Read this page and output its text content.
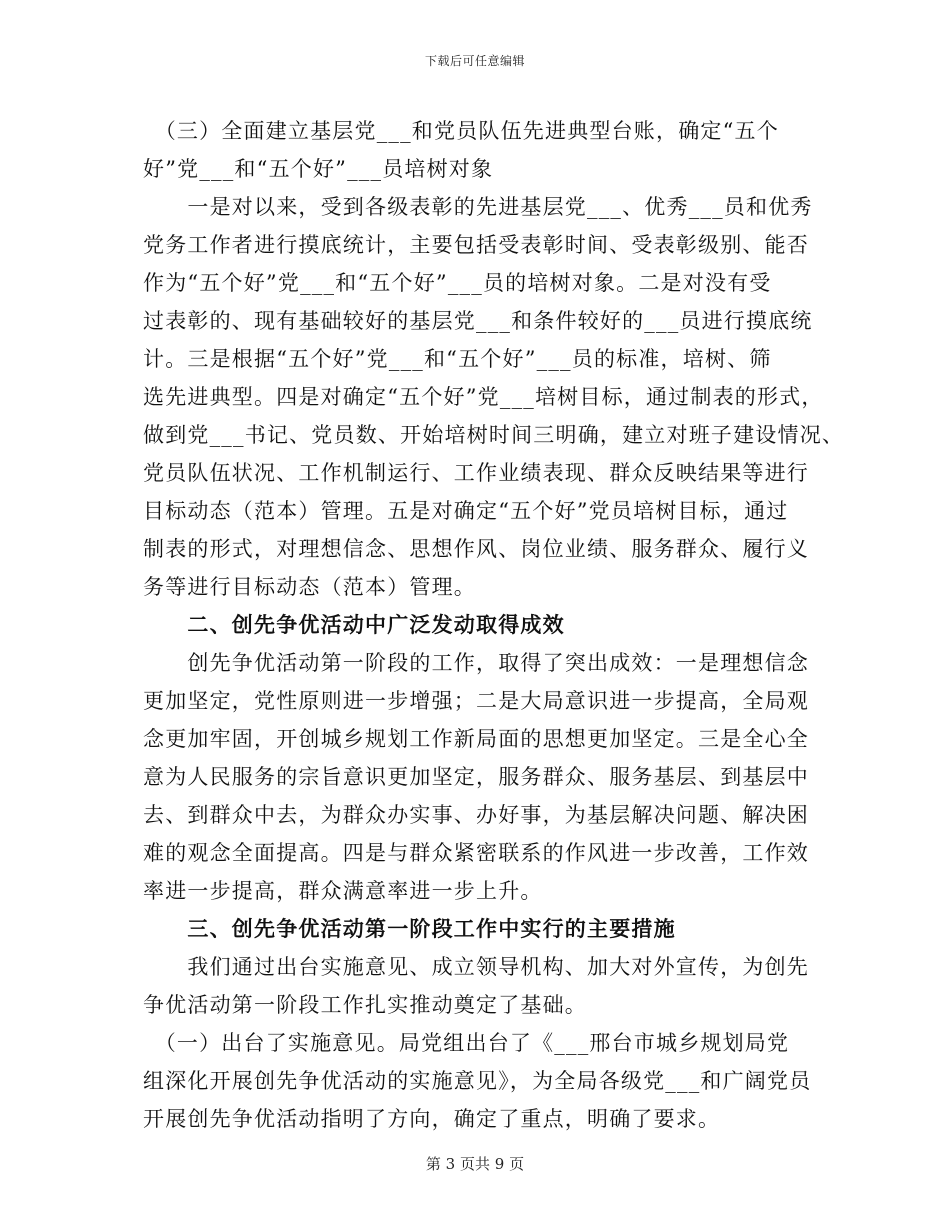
下载后可任意编辑
　（三）全面建立基层党___和党员队伍先进典型台账，确定“五个
好”党___和“五个好”___员培树对象
　　一是对以来，受到各级表彰的先进基层党___、优秀___员和优秀
党务工作者进行摸底统计，主要包括受表彰时间、受表彰级别、能否
作为“五个好”党___和“五个好”___员的培树对象。二是对没有受
过表彰的、现有基础较好的基层党___和条件较好的___员进行摸底统
计。三是根据“五个好”党___和“五个好”___员的标准，培树、筛
选先进典型。四是对确定“五个好”党___培树目标，通过制表的形式，
做到党___书记、党员数、开始培树时间三明确，建立对班子建设情况、
党员队伍状况、工作机制运行、工作业绩表现、群众反映结果等进行
目标动态（范本）管理。五是对确定“五个好”党员培树目标，通过
制表的形式，对理想信念、思想作风、岗位业绩、服务群众、履行义
务等进行目标动态（范本）管理。
　　二、创先争优活动中广泛发动取得成效
　　创先争优活动第一阶段的工作，取得了突出成效：一是理想信念
更加坚定，党性原则进一步增强；二是大局意识进一步提高，全局观
念更加牢固，开创城乡规划工作新局面的思想更加坚定。三是全心全
意为人民服务的宗旨意识更加坚定，服务群众、服务基层、到基层中
去、到群众中去，为群众办实事、办好事，为基层解决问题、解决困
难的观念全面提高。四是与群众紧密联系的作风进一步改善，工作效
率进一步提高，群众满意率进一步上升。
　　三、创先争优活动第一阶段工作中实行的主要措施
　　我们通过出台实施意见、成立领导机构、加大对外宣传，为创先
争优活动第一阶段工作扎实推动奠定了基础。
　（一）出台了实施意见。局党组出台了《___邢台市城乡规划局党
组深化开展创先争优活动的实施意见》，为全局各级党___和广阔党员
开展创先争优活动指明了方向，确定了重点，明确了要求。
第 3 页共 9 页
